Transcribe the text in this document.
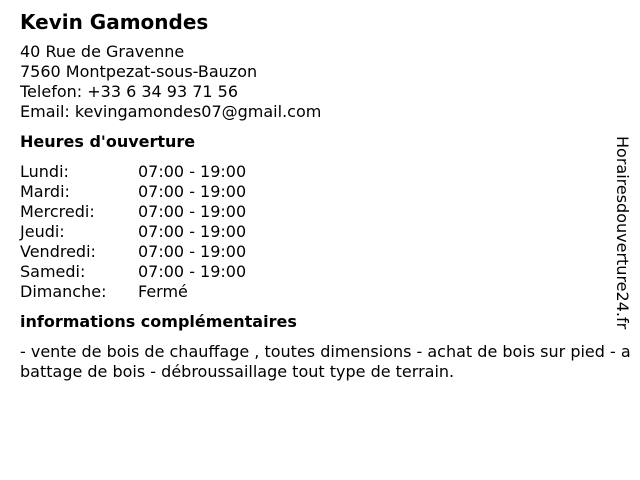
Kevin Gamondes
40 Rue de Gravenne
7560 Montpezat-sous-Bauzon
Telefon: +33 6 34 93 71 56
Email: kevingamondes07@gmail.com
Heures d'ouverture
Lundi:	07:00 - 19:00
Mardi:	07:00 - 19:00
Mercredi:	07:00 - 19:00
Jeudi:	07:00 - 19:00
Vendredi:	07:00 - 19:00
Samedi:	07:00 - 19:00
Dimanche:	Fermé
informations complémentaires
- vente de bois de chauffage , toutes dimensions - achat de bois sur pied - abattage de bois - débroussaillage tout type de terrain.
Horairesdouverture24.fr
